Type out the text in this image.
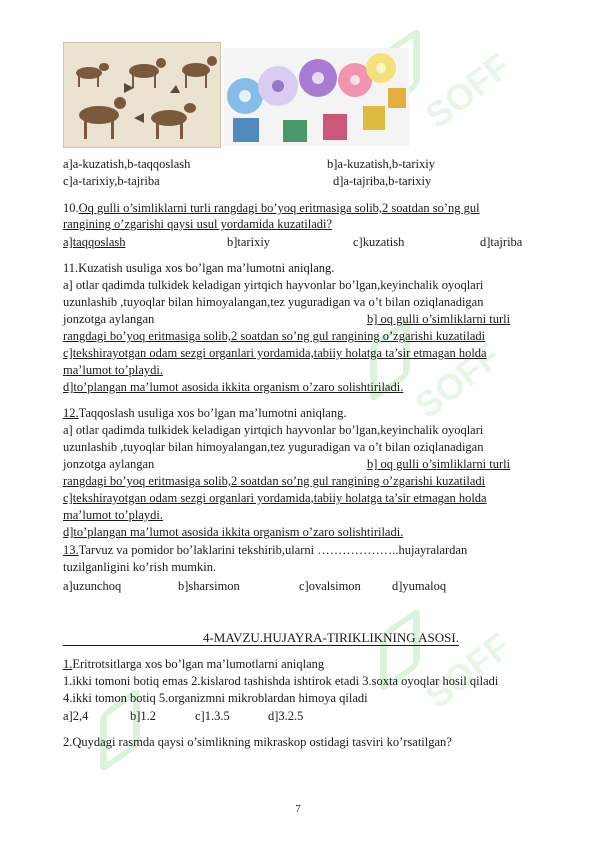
SOFF
SOFF
SOFF
a]a-kuzatish,b-taqqoslash	b]a-kuzatish,b-tarixiy
c]a-tarixiy,b-tajriba	d]a-tajriba,b-tarixiy
10.Oq gulli o’simliklarni turli rangdagi bo’yoq eritmasiga solib,2 soatdan so’ng gul
rangining o’zgarishi qaysi usul yordamida kuzatiladi?
a]taqqoslash	b]tarixiy	c]kuzatish	d]tajriba
11.Kuzatish usuliga xos bo’lgan ma’lumotni aniqlang.
a] otlar qadimda tulkidek keladigan yirtqich hayvonlar bo’lgan,keyinchalik oyoqlari
uzunlashib ,tuyoqlar bilan himoyalangan,tez yuguradigan va o’t bilan oziqlanadigan
jonzotga aylangan	b] oq gulli o’simliklarni turli
rangdagi bo’yoq eritmasiga solib,2 soatdan so’ng gul rangining o’zgarishi kuzatiladi
c]tekshirayotgan odam sezgi organlari yordamida,tabiiy holatga ta’sir etmagan holda
ma’lumot to’playdi.
d]to’plangan ma’lumot asosida ikkita organism o’zaro solishtiriladi.
12.Taqqoslash usuliga xos bo’lgan ma’lumotni aniqlang.
a] otlar qadimda tulkidek keladigan yirtqich hayvonlar bo’lgan,keyinchalik oyoqlari
uzunlashib ,tuyoqlar bilan himoyalangan,tez yuguradigan va o’t bilan oziqlanadigan
jonzotga aylangan	b] oq gulli o’simliklarni turli
rangdagi bo’yoq eritmasiga solib,2 soatdan so’ng gul rangining o’zgarishi kuzatiladi
c]tekshirayotgan odam sezgi organlari yordamida,tabiiy holatga ta’sir etmagan holda
ma’lumot to’playdi.
d]to’plangan ma’lumot asosida ikkita organism o’zaro solishtiriladi.
13.Tarvuz va pomidor bo’laklarini tekshirib,ularni ………………..hujayralardan
tuzilganligini ko’rish mumkin.
a]uzunchoq	b]sharsimon	c]ovalsimon d]yumaloq
4-MAVZU.HUJAYRA-TIRIKLIKNING ASOSI.
1.Eritrotsitlarga xos bo’lgan ma’lumotlarni aniqlang
1.ikki tomoni botiq emas 2.kislarod tashishda ishtirok etadi 3.soxta oyoqlar hosil qiladi
4.ikki tomon botiq 5.organizmni mikroblardan himoya qiladi
a]2,4	b]1.2	c]1.3.5	d]3.2.5
2.Quydagi rasmda qaysi o’simlikning mikraskop ostidagi tasviri ko’rsatilgan?
7
